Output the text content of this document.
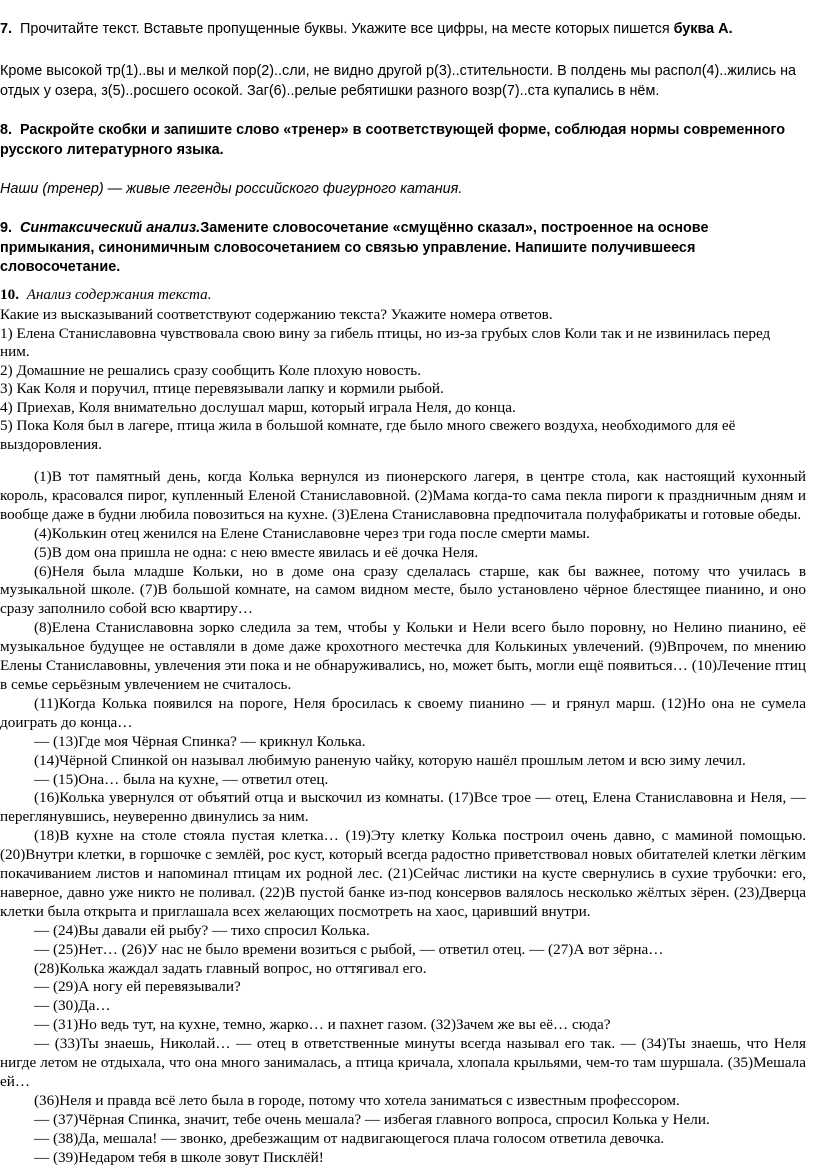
7. Прочитайте текст. Вставьте пропущенные буквы. Укажите все цифры, на месте которых пишется буква А.

Кроме высокой тр(1)..вы и мелкой пор(2)..сли, не видно другой р(3)..стительности. В полдень мы распол(4)..жились на отдых у озера, з(5)..росшего осокой. Заг(6)..релые ребятишки разного возр(7)..ста купались в нём.
8. Раскройте скобки и запишите слово «тренер» в соответствующей форме, соблюдая нормы современного русского литературного языка.
Наши (тренер) — живые легенды российского фигурного катания.
9. Синтаксический анализ.Замените словосочетание «смущённо сказал», построенное на основе примыкания, синонимичным словосочетанием со связью управление. Напишите получившееся словосочетание.
10. Анализ содержания текста.

Какие из высказываний соответствуют содержанию текста? Укажите номера ответов.

1) Елена Станиславовна чувствовала свою вину за гибель птицы, но из-за грубых слов Коли так и не извинилась перед ним.

2) Домашние не решались сразу сообщить Коле плохую новость.

3) Как Коля и поручил, птице перевязывали лапку и кормили рыбой.

4) Приехав, Коля внимательно дослушал марш, который играла Неля, до конца.

5) Пока Коля был в лагере, птица жила в большой комнате, где было много свежего воздуха, необходимого для её выздоровления.

(1)В тот памятный день, когда Колька вернулся из пионерского лагеря, в центре стола, как настоящий кухонный король, красовался пирог, купленный Еленой Станиславовной. (2)Мама когда-то сама пекла пироги к праздничным дням и вообще даже в будни любила повозиться на кухне. (3)Елена Станиславовна предпочитала полуфабрикаты и готовые обеды.

(4)Колькин отец женился на Елене Станиславовне через три года после смерти мамы.

(5)В дом она пришла не одна: с нею вместе явилась и её дочка Неля.

(6)Неля была младше Кольки, но в доме она сразу сделалась старше, как бы важнее, потому что училась в музыкальной школе. (7)В большой комнате, на самом видном месте, было установлено чёрное блестящее пианино, и оно сразу заполнило собой всю квартиру…

(8)Елена Станиславовна зорко следила за тем, чтобы у Кольки и Нели всего было поровну, но Нелино пианино, её музыкальное будущее не оставляли в доме даже крохотного местечка для Колькиных увлечений. (9)Впрочем, по мнению Елены Станиславовны, увлечения эти пока и не обнаруживались, но, может быть, могли ещё появиться… (10)Лечение птиц в семье серьёзным увлечением не считалось.

(11)Когда Колька появился на пороге, Неля бросилась к своему пианино — и грянул марш. (12)Но она не сумела доиграть до конца…

— (13)Где моя Чёрная Спинка? — крикнул Колька.

(14)Чёрной Спинкой он называл любимую раненую чайку, которую нашёл прошлым летом и всю зиму лечил.

— (15)Она… была на кухне, — ответил отец.

(16)Колька увернулся от объятий отца и выскочил из комнаты. (17)Все трое — отец, Елена Станиславовна и Неля, — переглянувшись, неуверенно двинулись за ним.

(18)В кухне на столе стояла пустая клетка… (19)Эту клетку Колька построил очень давно, с маминой помощью. (20)Внутри клетки, в горшочке с землёй, рос куст, который всегда радостно приветствовал новых обитателей клетки лёгким покачиванием листов и напоминал птицам их родной лес. (21)Сейчас листики на кусте свернулись в сухие трубочки: его, наверное, давно уже никто не поливал. (22)В пустой банке из-под консервов валялось несколько жёлтых зёрен. (23)Дверца клетки была открыта и приглашала всех желающих посмотреть на хаос, царивший внутри.

— (24)Вы давали ей рыбу? — тихо спросил Колька.

— (25)Нет… (26)У нас не было времени возиться с рыбой, — ответил отец. — (27)А вот зёрна…

(28)Колька жаждал задать главный вопрос, но оттягивал его.

— (29)А ногу ей перевязывали?

— (30)Да…

— (31)Но ведь тут, на кухне, темно, жарко… и пахнет газом. (32)Зачем же вы её… сюда?

— (33)Ты знаешь, Николай… — отец в ответственные минуты всегда называл его так. — (34)Ты знаешь, что Неля нигде летом не отдыхала, что она много занималась, а птица кричала, хлопала крыльями, чем-то там шуршала. (35)Мешала ей…

(36)Неля и правда всё лето была в городе, потому что хотела заниматься с известным профессором.

— (37)Чёрная Спинка, значит, тебе очень мешала? — избегая главного вопроса, спросил Колька у Нели.

— (38)Да, мешала! — звонко, дребезжащим от надвигающегося плача голосом ответила девочка.

— (39)Недаром тебя в школе зовут Писклёй!
